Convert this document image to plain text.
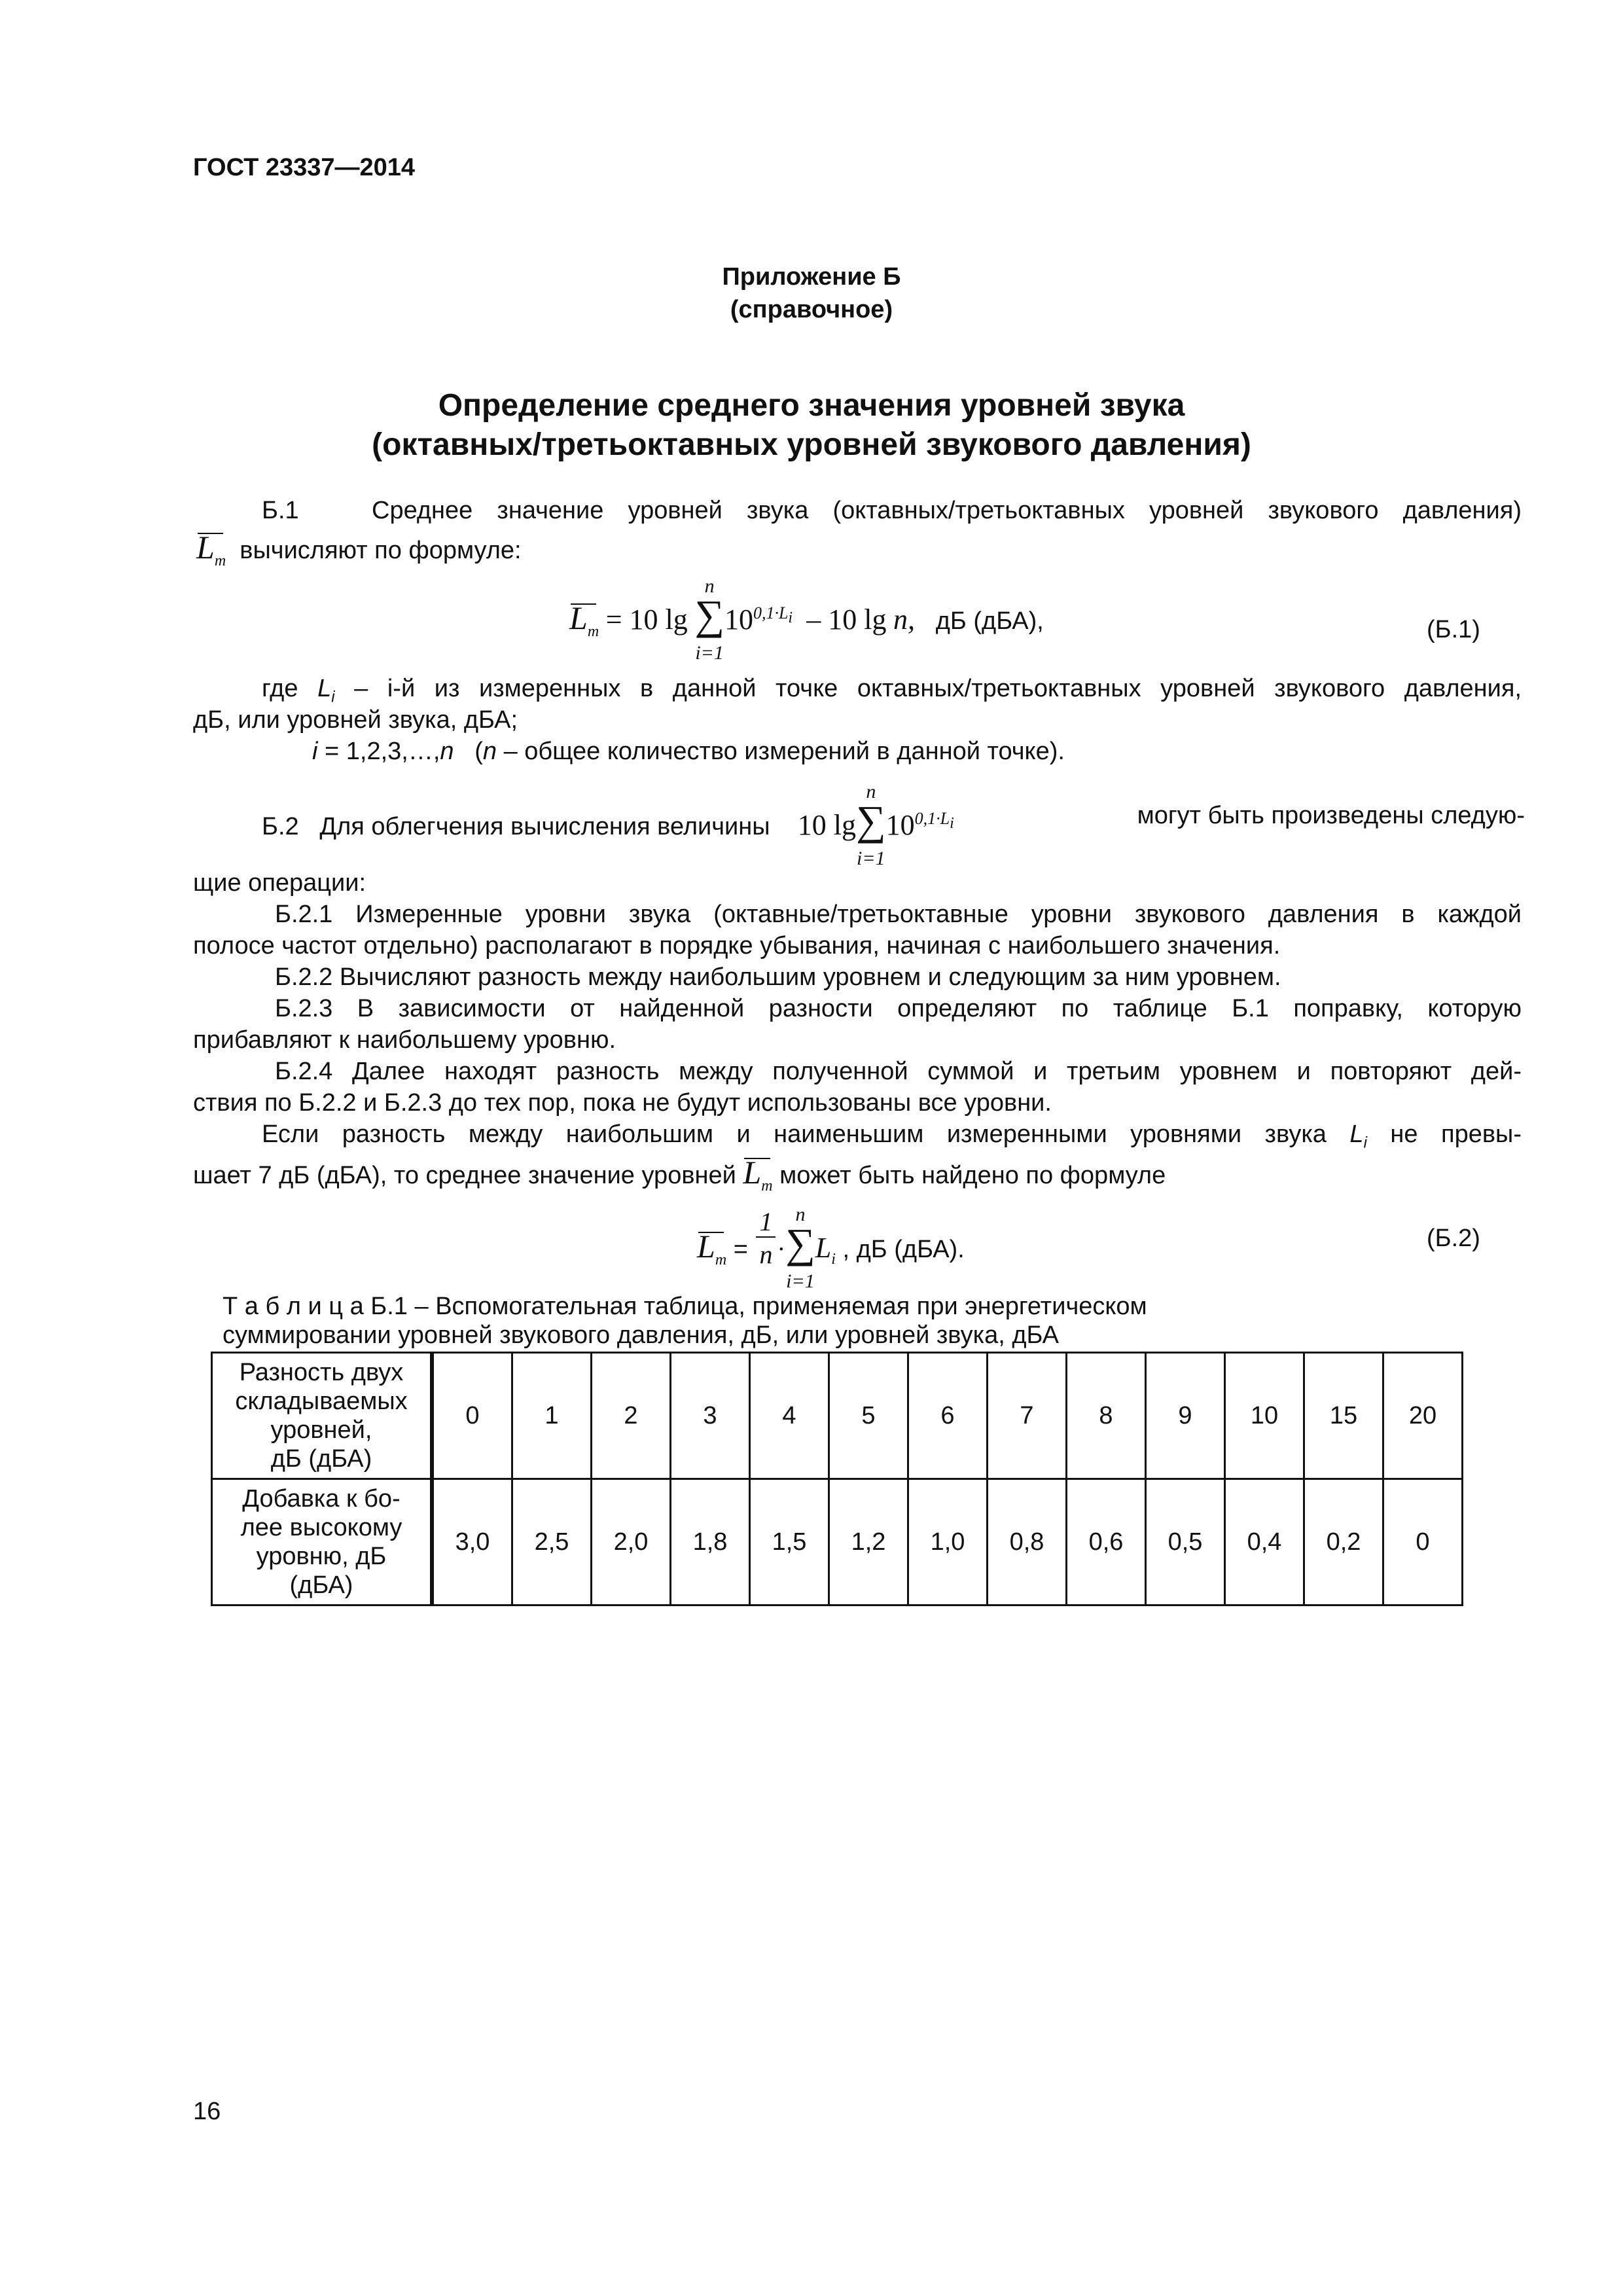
ГОСТ 23337—2014
Приложение Б
(справочное)
Определение среднего значения уровней звука
(октавных/третьоктавных уровней звукового давления)
Б.1	Среднее значение уровней звука (октавных/третьоктавных уровней звукового давления)
$L_m$ вычисляют по формуле:
$L_m = 10$ lg
n
∑
i=1
$10^{0,1\cdot L_i} - 10$ lg n, дБ (дБА),	(Б.1)
где $L_i - i-й$ из измеренных в данной точке октавных/третьоктавных уровней звукового давления,
дБ, или уровней звука, дБА;
i = 1,2,3,…,n   (n – общее количество измерений в данной точке).
Б.2 Для облегчения вычисления величины 10 lg
n
∑
i=1
$10^{0,1\cdot L_i}$	могут быть произведены следую-
щие операции:
Б.2.1 Измеренные уровни звука (октавные/третьоктавные уровни звукового давления в каждой
полосе частот отдельно) располагают в порядке убывания, начиная с наибольшего значения.
Б.2.2 Вычисляют разность между наибольшим уровнем и следующим за ним уровнем.
Б.2.3 В зависимости от найденной разности определяют по таблице Б.1 поправку, которую
прибавляют к наибольшему уровню.
Б.2.4 Далее находят разность между полученной суммой и третьим уровнем и повторяют дей-
ствия по Б.2.2 и Б.2.3 до тех пор, пока не будут использованы все уровни.
Если разность между наибольшим и наименьшим измеренными уровнями звука $L_i$ не превы-
шает 7 дБ (дБА), то среднее значение уровней $L_m$ может быть найдено по формуле
$L_m = \frac{1}{n}$ ·
n
∑
i=1
$L_i$ , дБ (дБА).	(Б.2)
Т а б л и ц а Б.1 – Вспомогательная таблица, применяемая при энергетическом
суммировании уровней звукового давления, дБ, или уровней звука, дБА
Разность двух
складываемых
уровней,
дБ (дБА)	0	1	2	3	4	5	6	7	8	9	10	15	20

Добавка к бо-
лее высокому
уровню, дБ
(дБА)	3,0	2,5	2,0	1,8	1,5	1,2	1,0	0,8	0,6	0,5	0,4	0,2	0
16
